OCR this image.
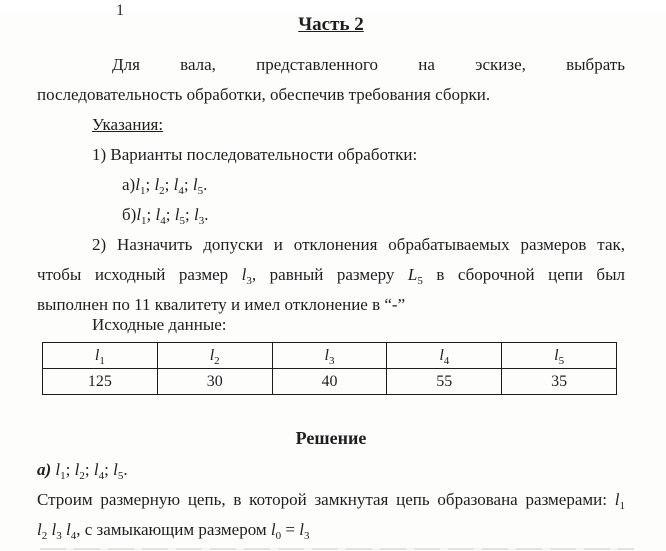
1
Часть 2
Для вала, представленного на эскизе, выбрать
последовательность обработки, обеспечив требования сборки.
Указания:
1) Варианты последовательности обработки:
$а)l_1$; $l_2$; $l_4$; $l_5$.
$б)l_1$; $l_4$; $l_5$; $l_3$.
2) Назначить допуски и отклонения обрабатываемых размеров так,
чтобы исходный размер $l_3$, равный размеру $L_5$ в сборочной цепи был
выполнен по 11 квалитету и имел отклонение в “-”
Исходные данные:
$l_1$	$l_2$	$l_3$	$l_4$	$l_5$
125	30	40	55	35
Решение
а) $l_1$; $l_2$; $l_4$; $l_5$.
Строим размерную цепь, в которой замкнутая цепь образована размерами: $l_1$
$l_2$ $l_3$ $l_4$, с замыкающим размером $l_0 = l_3$
